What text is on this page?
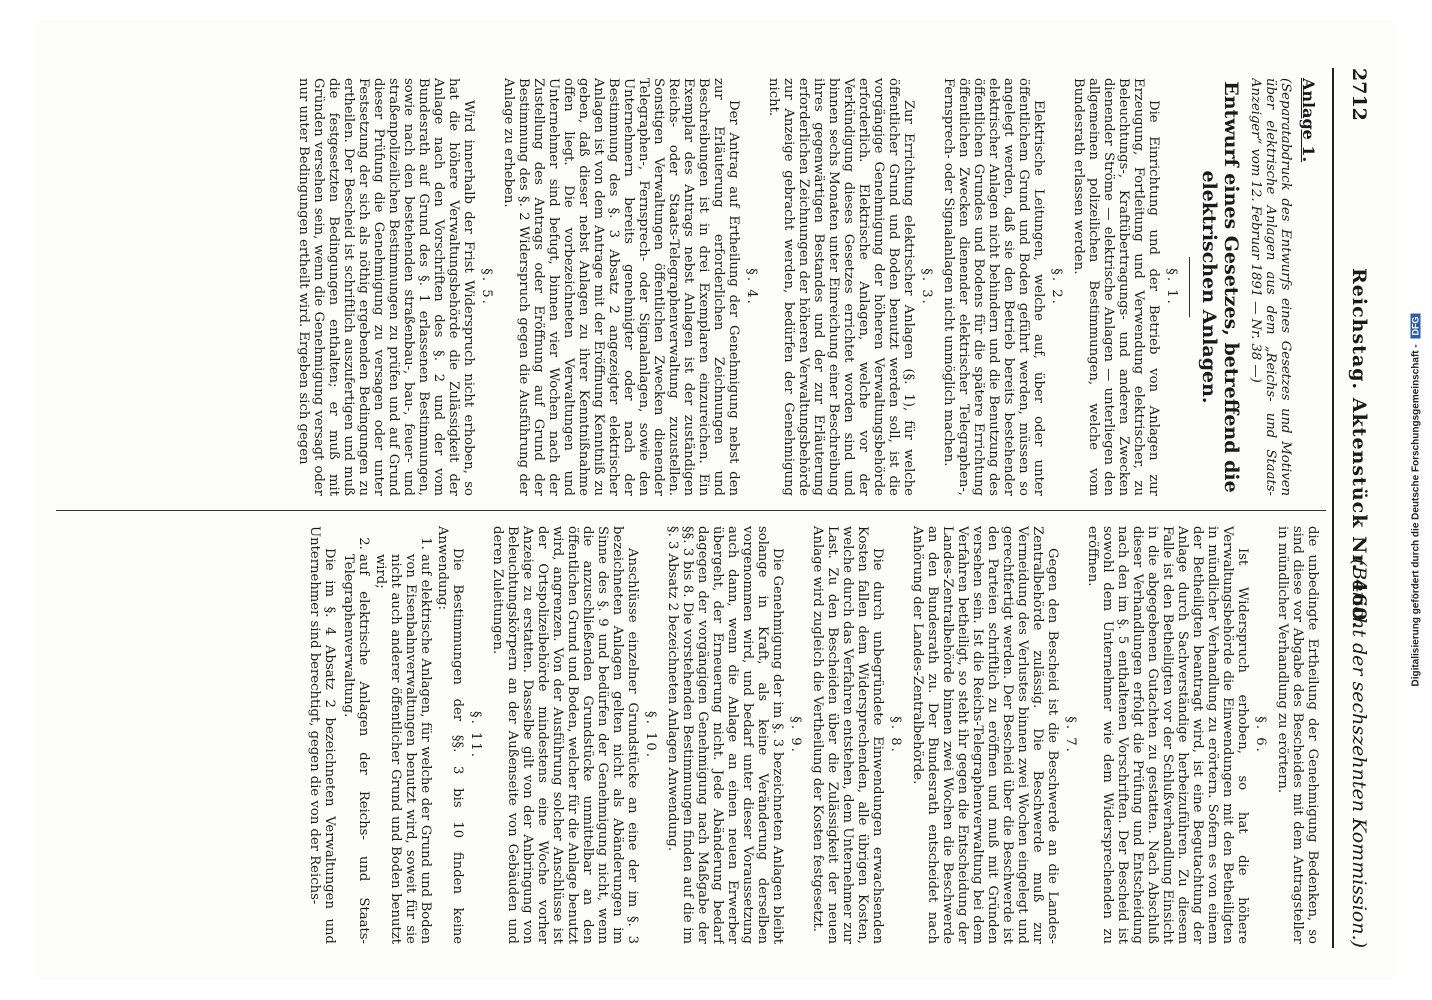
2712
Reichstag. Aktenstück Nr. 460.
(Bericht der sechszehnten Kommission.)
Anlage 1.

(Separatabdruck des Entwurfs eines Gesetzes und Motiven über elektrische Anlagen aus dem „Reichs- und Staats-Anzeiger“ vom 12. Februar 1891 — Nr. 38 —)

Entwurf eines Gesetzes, betreffend die elektrischen Anlagen.
§. 1.

Die Einrichtung und der Betrieb von Anlagen zur Erzeugung, Fortleitung und Verwendung elektrischer, zu Beleuchtungs-, Kraftübertragungs- und anderen Zwecken dienender Ströme — elektrische Anlagen — unterliegen den allgemeinen polizeilichen Bestimmungen, welche vom Bundesrath erlassen werden.

§. 2.

Elektrische Leitungen, welche auf, über oder unter öffentlichem Grund und Boden geführt werden, müssen so angelegt werden, daß sie den Betrieb bereits bestehender elektrischer Anlagen nicht behindern und die Benutzung des öffentlichen Grundes und Bodens für die spätere Errichtung öffentlichen Zwecken dienender elektrischer Telegraphen-, Fernsprech- oder Signalanlagen nicht unmöglich machen.

§. 3.

Zur Errichtung elektrischer Anlagen (§. 1), für welche öffentlicher Grund und Boden benutzt werden soll, ist die vorgängige Genehmigung der höheren Verwaltungsbehörde erforderlich. Elektrische Anlagen, welche vor der Verkündigung dieses Gesetzes errichtet worden sind und binnen sechs Monaten unter Einreichung einer Beschreibung ihres gegenwärtigen Bestandes und der zur Erläuterung erforderlichen Zeichnungen der höheren Verwaltungsbehörde zur Anzeige gebracht werden, bedürfen der Genehmigung nicht.

§. 4.

Der Antrag auf Ertheilung der Genehmigung nebst den zur Erläuterung erforderlichen Zeichnungen und Beschreibungen ist in drei Exemplaren einzureichen. Ein Exemplar des Antrags nebst Anlagen ist der zuständigen Reichs- oder Staats-Telegraphenverwaltung zuzustellen. Sonstigen Verwaltungen öffentlichen Zwecken dienender Telegraphen-, Fernsprech- oder Signalanlagen, sowie den Unternehmern bereits genehmigter oder nach der Bestimmung des §. 3 Absatz 2 angezeigter elektrischer Anlagen ist von dem Antrage mit der Eröffnung Kenntniß zu geben, daß dieser nebst Anlagen zu ihrer Kenntnißnahme offen liegt. Die vorbezeichneten Verwaltungen und Unternehmer sind befugt, binnen vier Wochen nach der Zustellung des Antrags oder Eröffnung auf Grund der Bestimmung des §. 2 Widerspruch gegen die Ausführung der Anlage zu erheben.

§. 5.

Wird innerhalb der Frist Widerspruch nicht erhoben, so hat die höhere Verwaltungsbehörde die Zulässigkeit der Anlage nach den Vorschriften des §. 2 und der vom Bundesrath auf Grund des §. 1 erlassenen Bestimmungen, sowie nach den bestehenden straßenbau-, bau-, feuer- und straßenpolizeilichen Bestimmungen zu prüfen und auf Grund dieser Prüfung die Genehmigung zu versagen oder unter Festsetzung der sich als nöthig ergebenden Bedingungen zu ertheilen. Der Bescheid ist schriftlich auszufertigen und muß die festgesetzten Bedingungen enthalten; er muß mit Gründen versehen sein, wenn die Genehmigung versagt oder nur unter Bedingungen ertheilt wird. Ergeben sich gegen

die unbedingte Ertheilung der Genehmigung Bedenken, so sind diese vor Abgabe des Bescheides mit dem Antragsteller in mündlicher Verhandlung zu erörtern.

§. 6.

Ist Widerspruch erhoben, so hat die höhere Verwaltungsbehörde die Einwendungen mit den Betheiligten in mündlicher Verhandlung zu erörtern. Sofern es von einem der Betheiligten beantragt wird, ist eine Begutachtung der Anlage durch Sachverständige herbeizuführen. Zu diesem Falle ist den Betheiligten vor der Schlußverhandlung Einsicht in die abgegebenen Gutachten zu gestatten. Nach Abschluß dieser Verhandlungen erfolgt die Prüfung und Entscheidung nach den im §. 5 enthaltenen Vorschriften. Der Bescheid ist sowohl dem Unternehmer wie dem Widersprechenden zu eröffnen.

§. 7.

Gegen den Bescheid ist die Beschwerde an die Landes-Zentralbehörde zulässig. Die Beschwerde muß zur Vermeidung des Verlustes binnen zwei Wochen eingelegt und gerechtfertigt werden. Der Bescheid über die Beschwerde ist den Parteien schriftlich zu eröffnen und muß mit Gründen versehen sein. Ist die Reichs-Telegraphenverwaltung bei dem Verfahren betheiligt, so steht ihr gegen die Entscheidung der Landes-Zentralbehörde binnen zwei Wochen die Beschwerde an den Bundesrath zu. Der Bundesrath entscheidet nach Anhörung der Landes-Zentralbehörde.

§. 8.

Die durch unbegründete Einwendungen erwachsenden Kosten fallen dem Widersprechenden, alle übrigen Kosten, welche durch das Verfahren entstehen, dem Unternehmer zur Last. Zu den Bescheiden über die Zulässigkeit der neuen Anlage wird zugleich die Vertheilung der Kosten festgesetzt.

§. 9.

Die Genehmigung der im §. 3 bezeichneten Anlagen bleibt solange in Kraft, als keine Veränderung derselben vorgenommen wird, und bedarf unter dieser Voraussetzung auch dann, wenn die Anlage an einen neuen Erwerber übergeht, der Erneuerung nicht. Jede Abänderung bedarf dagegen der vorgängigen Genehmigung nach Maßgabe der §§. 3 bis 8. Die vorstehenden Bestimmungen finden auf die im §. 3 Absatz 2 bezeichneten Anlagen Anwendung.

§. 10.

Anschlüsse einzelner Grundstücke an eine der im §. 3 bezeichneten Anlagen gelten nicht als Abänderungen im Sinne des §. 9 und bedürfen der Genehmigung nicht, wenn die anzuschließenden Grundstücke unmittelbar an den öffentlichen Grund und Boden, welcher für die Anlage benutzt wird, angrenzen. Von der Ausführung solcher Anschlüsse ist der Ortspolizeibehörde mindestens eine Woche vorher Anzeige zu erstatten. Dasselbe gilt von der Anbringung von Beleuchtungskörpern an der Außenseite von Gebäuden und deren Zuleitungen.

§. 11.

Die Bestimmungen der §§. 3 bis 10 finden keine Anwendung:

1. auf elektrische Anlagen, für welche der Grund und Boden von Eisenbahnverwaltungen benutzt wird, soweit für sie nicht auch anderer öffentlicher Grund und Boden benutzt wird;
2. auf elektrische Anlagen der Reichs- und Staats-Telegraphenverwaltung.

Die im §. 4 Absatz 2 bezeichneten Verwaltungen und Unternehmer sind berechtigt, gegen die von der Reichs-

Digitalisierung gefördert durch die Deutsche Forschungsgemeinschaft - DFG
